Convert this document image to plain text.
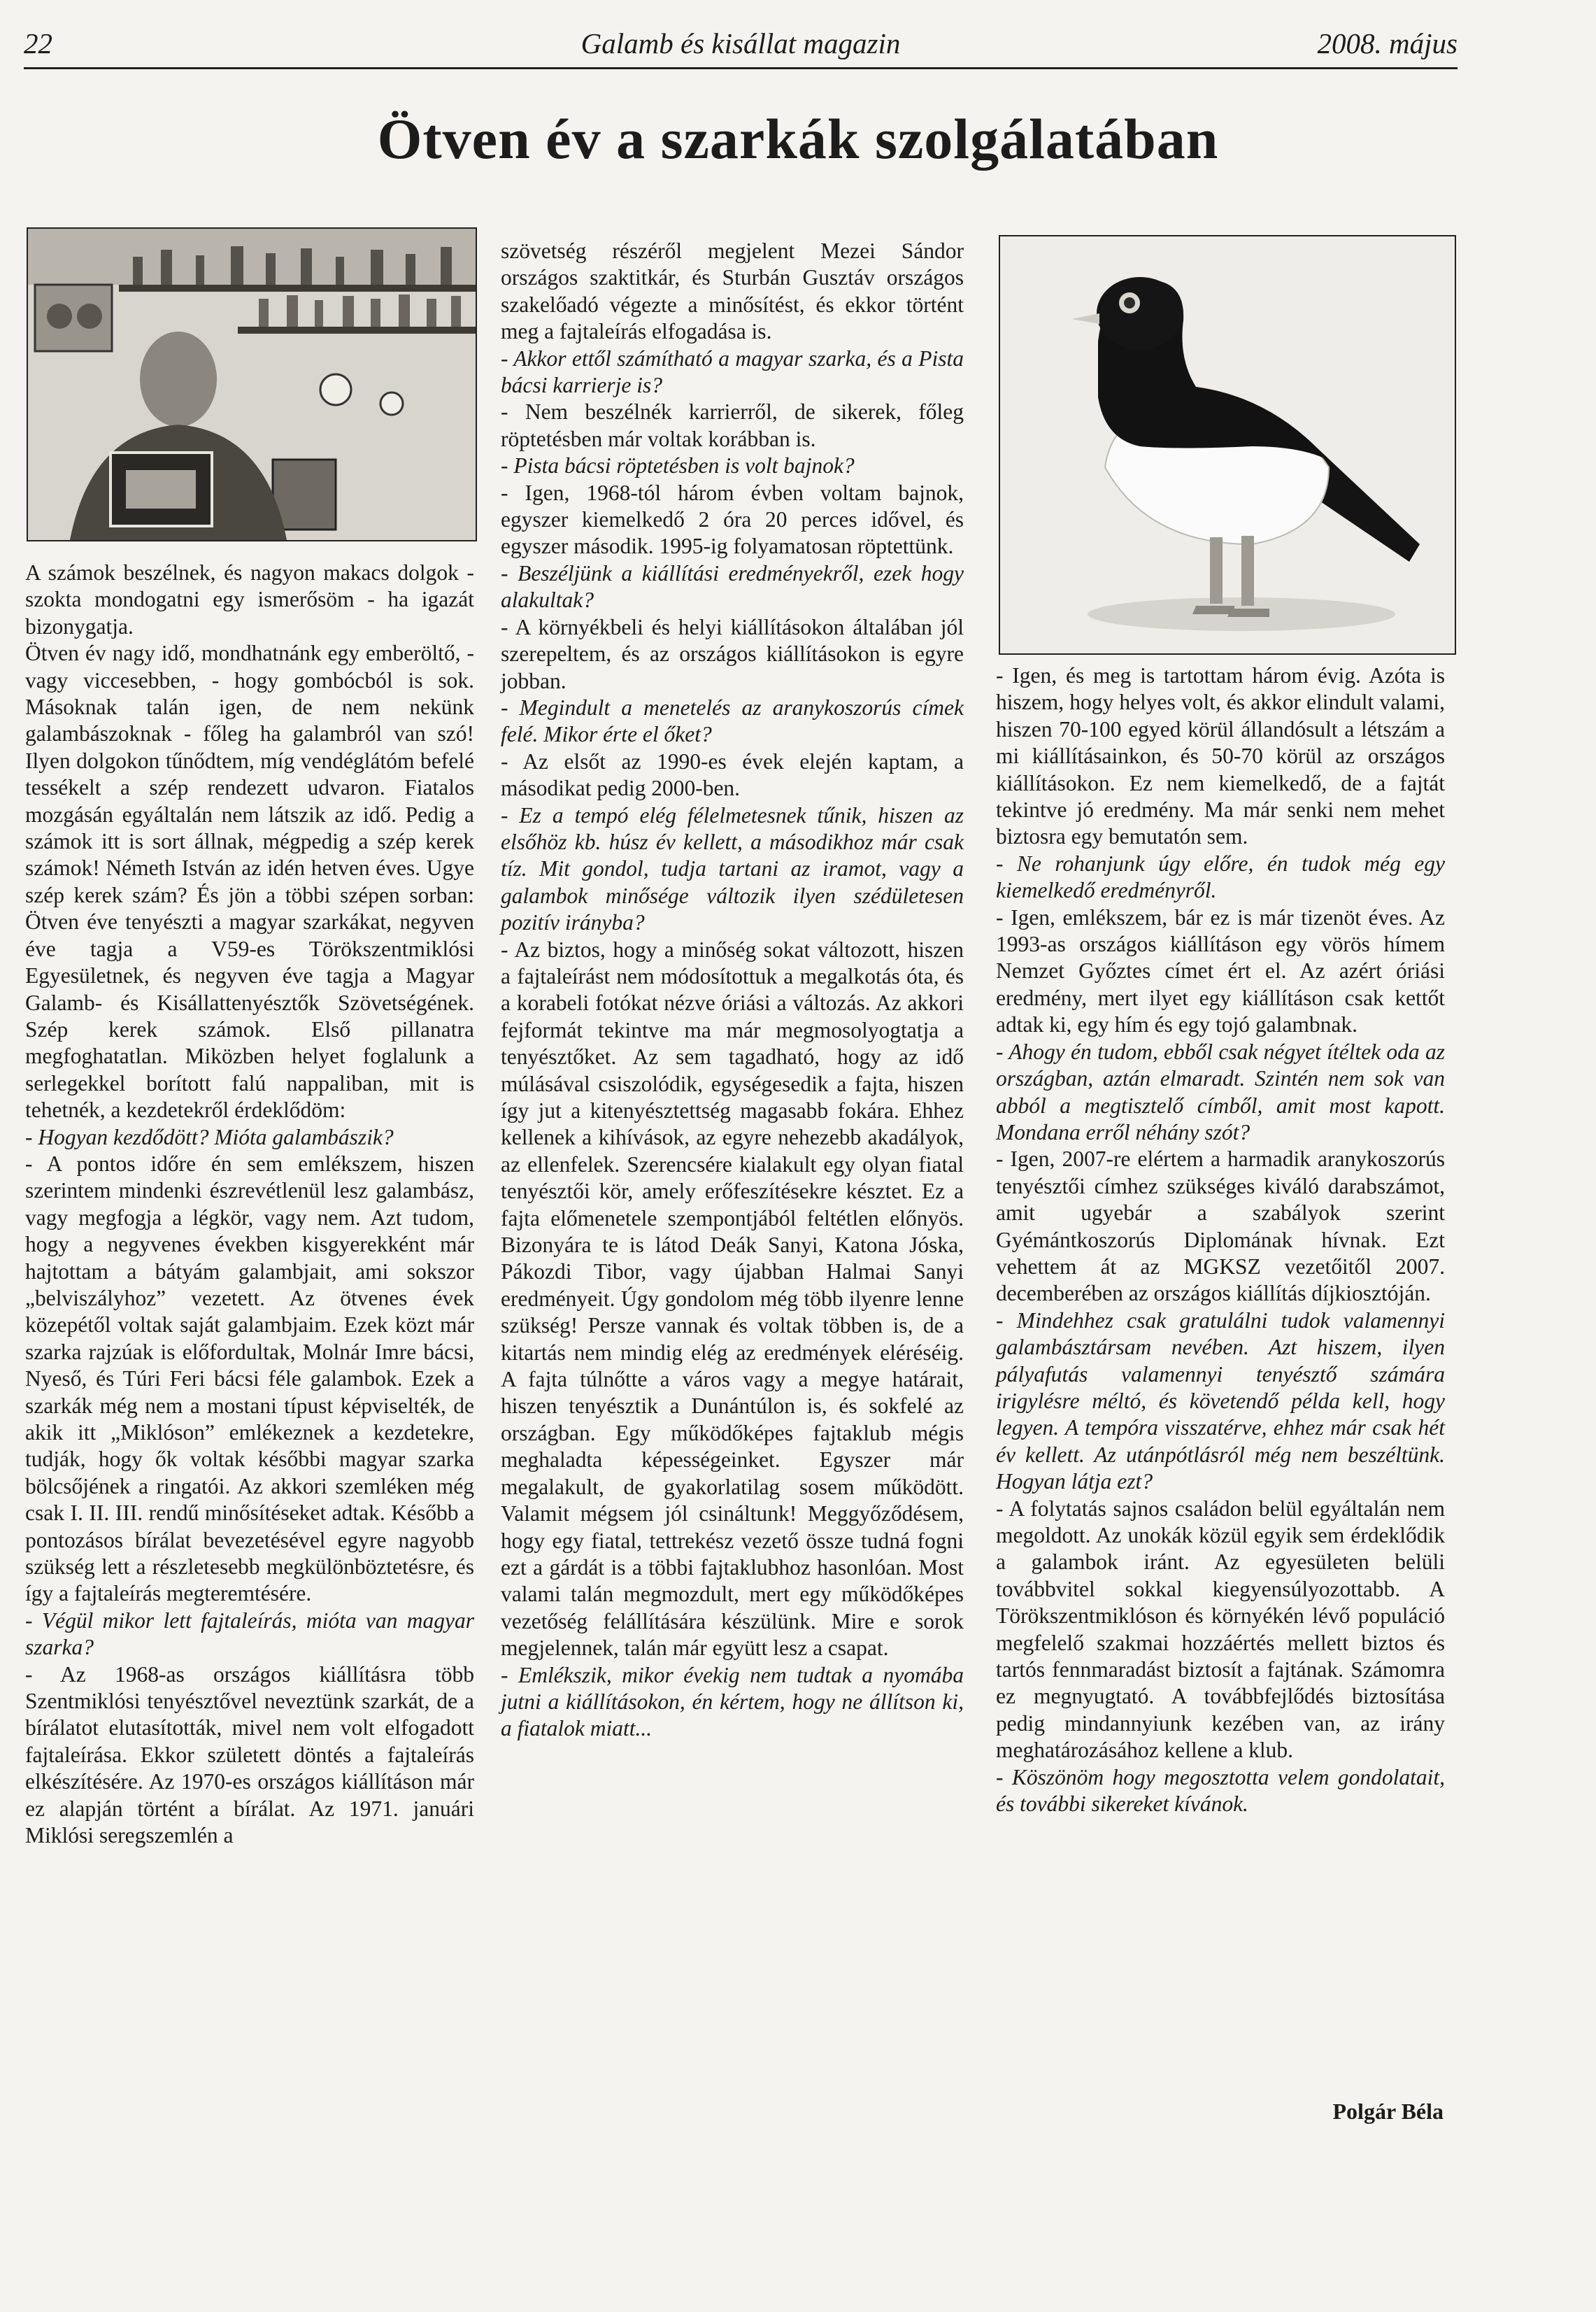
22	Galamb és kisállat magazin	2008. május
Ötven év a szarkák szolgálatában

A számok beszélnek, és nagyon makacs dolgok - szokta mondogatni egy ismerősöm - ha igazát bizonygatja.

Ötven év nagy idő, mondhatnánk egy emberöltő, - vagy viccesebben, - hogy gombócból is sok. Másoknak talán igen, de nem nekünk galambászoknak - főleg ha galambról van szó! Ilyen dolgokon tűnődtem, míg vendéglátóm befelé tessékelt a szép rendezett udvaron. Fiatalos mozgásán egyáltalán nem látszik az idő. Pedig a számok itt is sort állnak, mégpedig a szép kerek számok! Németh István az idén hetven éves. Ugye szép kerek szám? És jön a többi szépen sorban: Ötven éve tenyészti a magyar szarkákat, negyven éve tagja a V59-es Törökszentmiklósi Egyesületnek, és negyven éve tagja a Magyar Galamb- és Kisállattenyésztők Szövetségének. Szép kerek számok. Első pillanatra megfoghatatlan. Miközben helyet foglalunk a serlegekkel borított falú nappaliban, mit is tehetnék, a kezdetekről érdeklődöm:

- Hogyan kezdődött? Mióta galambászik?

- A pontos időre én sem emlékszem, hiszen szerintem mindenki észrevétlenül lesz galambász, vagy megfogja a légkör, vagy nem. Azt tudom, hogy a negyvenes években kisgyerekként már hajtottam a bátyám galambjait, ami sokszor „belviszályhoz” vezetett. Az ötvenes évek közepétől voltak saját galambjaim. Ezek közt már szarka rajzúak is előfordultak, Molnár Imre bácsi, Nyeső, és Túri Feri bácsi féle galambok. Ezek a szarkák még nem a mostani típust képviselték, de akik itt „Miklóson” emlékeznek a kezdetekre, tudják, hogy ők voltak későbbi magyar szarka bölcsőjének a ringatói. Az akkori szemléken még csak I. II. III. rendű minősítéseket adtak. Később a pontozásos bírálat bevezetésével egyre nagyobb szükség lett a részletesebb megkülönböztetésre, és így a fajtaleírás megteremtésére.

- Végül mikor lett fajtaleírás, mióta van magyar szarka?

- Az 1968-as országos kiállításra több Szentmiklósi tenyésztővel neveztünk szarkát, de a bírálatot elutasították, mivel nem volt elfogadott fajtaleírása. Ekkor született döntés a fajtaleírás elkészítésére. Az 1970-es országos kiállításon már ez alapján történt a bírálat. Az 1971. januári Miklósi seregszemlén a

szövetség részéről megjelent Mezei Sándor országos szaktitkár, és Sturbán Gusztáv országos szakelőadó végezte a minősítést, és ekkor történt meg a fajtaleírás elfogadása is.

- Akkor ettől számítható a magyar szarka, és a Pista bácsi karrierje is?

- Nem beszélnék karrierről, de sikerek, főleg röptetésben már voltak korábban is.

- Pista bácsi röptetésben is volt bajnok?

- Igen, 1968-tól három évben voltam bajnok, egyszer kiemelkedő 2 óra 20 perces idővel, és egyszer második. 1995-ig folyamatosan röptettünk.

- Beszéljünk a kiállítási eredményekről, ezek hogy alakultak?

- A környékbeli és helyi kiállításokon általában jól szerepeltem, és az országos kiállításokon is egyre jobban.

- Megindult a menetelés az aranykoszorús címek felé. Mikor érte el őket?

- Az elsőt az 1990-es évek elején kaptam, a másodikat pedig 2000-ben.

- Ez a tempó elég félelmetesnek tűnik, hiszen az elsőhöz kb. húsz év kellett, a másodikhoz már csak tíz. Mit gondol, tudja tartani az iramot, vagy a galambok minősége változik ilyen szédületesen pozitív irányba?

- Az biztos, hogy a minőség sokat változott, hiszen a fajtaleírást nem módosítottuk a megalkotás óta, és a korabeli fotókat nézve óriási a változás. Az akkori fejformát tekintve ma már megmosolyogtatja a tenyésztőket. Az sem tagadható, hogy az idő múlásával csiszolódik, egységesedik a fajta, hiszen így jut a kitenyésztettség magasabb fokára. Ehhez kellenek a kihívások, az egyre nehezebb akadályok, az ellenfelek. Szerencsére kialakult egy olyan fiatal tenyésztői kör, amely erőfeszítésekre késztet. Ez a fajta előmenetele szempontjából feltétlen előnyös. Bizonyára te is látod Deák Sanyi, Katona Jóska, Pákozdi Tibor, vagy újabban Halmai Sanyi eredményeit. Úgy gondolom még több ilyenre lenne szükség! Persze vannak és voltak többen is, de a kitartás nem mindig elég az eredmények eléréséig. A fajta túlnőtte a város vagy a megye határait, hiszen tenyésztik a Dunántúlon is, és sokfelé az országban. Egy működőképes fajtaklub mégis meghaladta képességeinket. Egyszer már megalakult, de gyakorlatilag sosem működött. Valamit mégsem jól csináltunk! Meggyőződésem, hogy egy fiatal, tettrekész vezető össze tudná fogni ezt a gárdát is a többi fajtaklubhoz hasonlóan. Most valami talán megmozdult, mert egy működőképes vezetőség felállítására készülünk. Mire e sorok megjelennek, talán már együtt lesz a csapat.

- Emlékszik, mikor évekig nem tudtak a nyomába jutni a kiállításokon, én kértem, hogy ne állítson ki, a fiatalok miatt...

- Igen, és meg is tartottam három évig. Azóta is hiszem, hogy helyes volt, és akkor elindult valami, hiszen 70-100 egyed körül állandósult a létszám a mi kiállításainkon, és 50-70 körül az országos kiállításokon. Ez nem kiemelkedő, de a fajtát tekintve jó eredmény. Ma már senki nem mehet biztosra egy bemutatón sem.

- Ne rohanjunk úgy előre, én tudok még egy kiemelkedő eredményről.

- Igen, emlékszem, bár ez is már tizenöt éves. Az 1993-as országos kiállításon egy vörös hímem Nemzet Győztes címet ért el. Az azért óriási eredmény, mert ilyet egy kiállításon csak kettőt adtak ki, egy hím és egy tojó galambnak.

- Ahogy én tudom, ebből csak négyet ítéltek oda az országban, aztán elmaradt. Szintén nem sok van abból a megtisztelő címből, amit most kapott. Mondana erről néhány szót?

- Igen, 2007-re elértem a harmadik aranykoszorús tenyésztői címhez szükséges kiváló darabszámot, amit ugyebár a szabályok szerint Gyémántkoszorús Diplomának hívnak. Ezt vehettem át az MGKSZ vezetőitől 2007. decemberében az országos kiállítás díjkiosztóján.

- Mindehhez csak gratulálni tudok valamennyi galambásztársam nevében. Azt hiszem, ilyen pályafutás valamennyi tenyésztő számára irigylésre méltó, és követendő példa kell, hogy legyen. A tempóra visszatérve, ehhez már csak hét év kellett. Az utánpótlásról még nem beszéltünk. Hogyan látja ezt?

- A folytatás sajnos családon belül egyáltalán nem megoldott. Az unokák közül egyik sem érdeklődik a galambok iránt. Az egyesületen belüli továbbvitel sokkal kiegyensúlyozottabb. A Törökszentmiklóson és környékén lévő populáció megfelelő szakmai hozzáértés mellett biztos és tartós fennmaradást biztosít a fajtának. Számomra ez megnyugtató. A továbbfejlődés biztosítása pedig mindannyiunk kezében van, az irány meghatározásához kellene a klub.

- Köszönöm hogy megosztotta velem gondolatait, és további sikereket kívánok.

Polgár Béla
